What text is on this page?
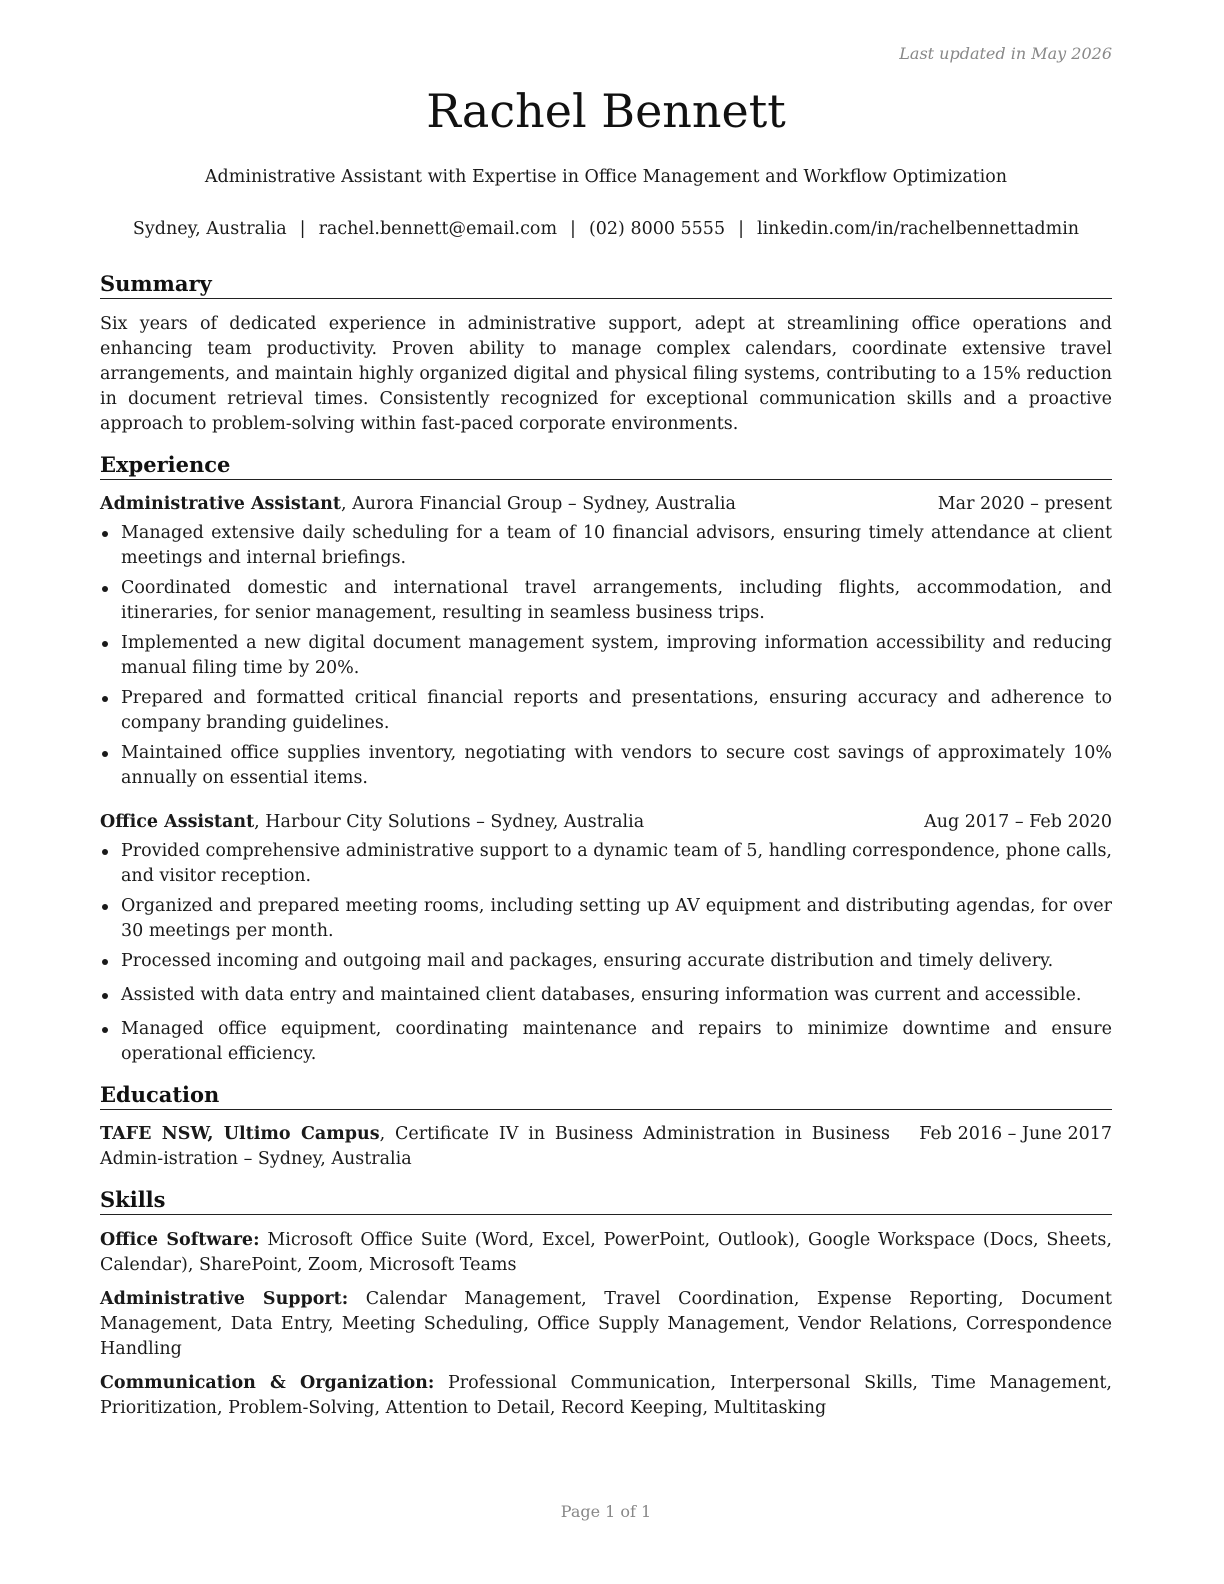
Last updated in May 2026
Rachel Bennett
Administrative Assistant with Expertise in Office Management and Workflow Optimization
Sydney, Australia | rachel.bennett@email.com | (02) 8000 5555 | linkedin.com/in/rachelbennettadmin
Summary

Six years of dedicated experience in administrative support, adept at streamlining office operations and enhancing team productivity. Proven ability to manage complex calendars, coordinate extensive travel arrangements, and maintain highly organized digital and physical filing systems, contributing to a 15% reduction in document retrieval times. Consistently recognized for exceptional communication skills and a proactive approach to problem-solving within fast-paced corporate environments.

Experience
Administrative Assistant, Aurora Financial Group – Sydney, Australia	Mar 2020 – present
Managed extensive daily scheduling for a team of 10 financial advisors, ensuring timely attendance at client meetings and internal briefings.
Coordinated domestic and international travel arrangements, including flights, accommodation, and itineraries, for senior management, resulting in seamless business trips.
Implemented a new digital document management system, improving information accessibility and reducing manual filing time by 20%.
Prepared and formatted critical financial reports and presentations, ensuring accuracy and adherence to company branding guidelines.
Maintained office supplies inventory, negotiating with vendors to secure cost savings of approximately 10% annually on essential items.
Office Assistant, Harbour City Solutions – Sydney, Australia	Aug 2017 – Feb 2020
Provided comprehensive administrative support to a dynamic team of 5, handling correspondence, phone calls, and visitor reception.
Organized and prepared meeting rooms, including setting up AV equipment and distributing agendas, for over 30 meetings per month.
Processed incoming and outgoing mail and packages, ensuring accurate distribution and timely delivery.
Assisted with data entry and maintained client databases, ensuring information was current and accessible.
Managed office equipment, coordinating maintenance and repairs to minimize downtime and ensure operational efficiency.
Education
TAFE NSW, Ultimo Campus, Certificate IV in Business Administration in Business Admin-istration – Sydney, Australia
Feb 2016 – June 2017
Skills
Office Software: Microsoft Office Suite (Word, Excel, PowerPoint, Outlook), Google Workspace (Docs, Sheets, Calendar), SharePoint, Zoom, Microsoft Teams
Administrative Support: Calendar Management, Travel Coordination, Expense Reporting, Document Management, Data Entry, Meeting Scheduling, Office Supply Management, Vendor Relations, Correspondence Handling
Communication & Organization: Professional Communication, Interpersonal Skills, Time Management, Prioritization, Problem-Solving, Attention to Detail, Record Keeping, Multitasking
Page 1 of 1
